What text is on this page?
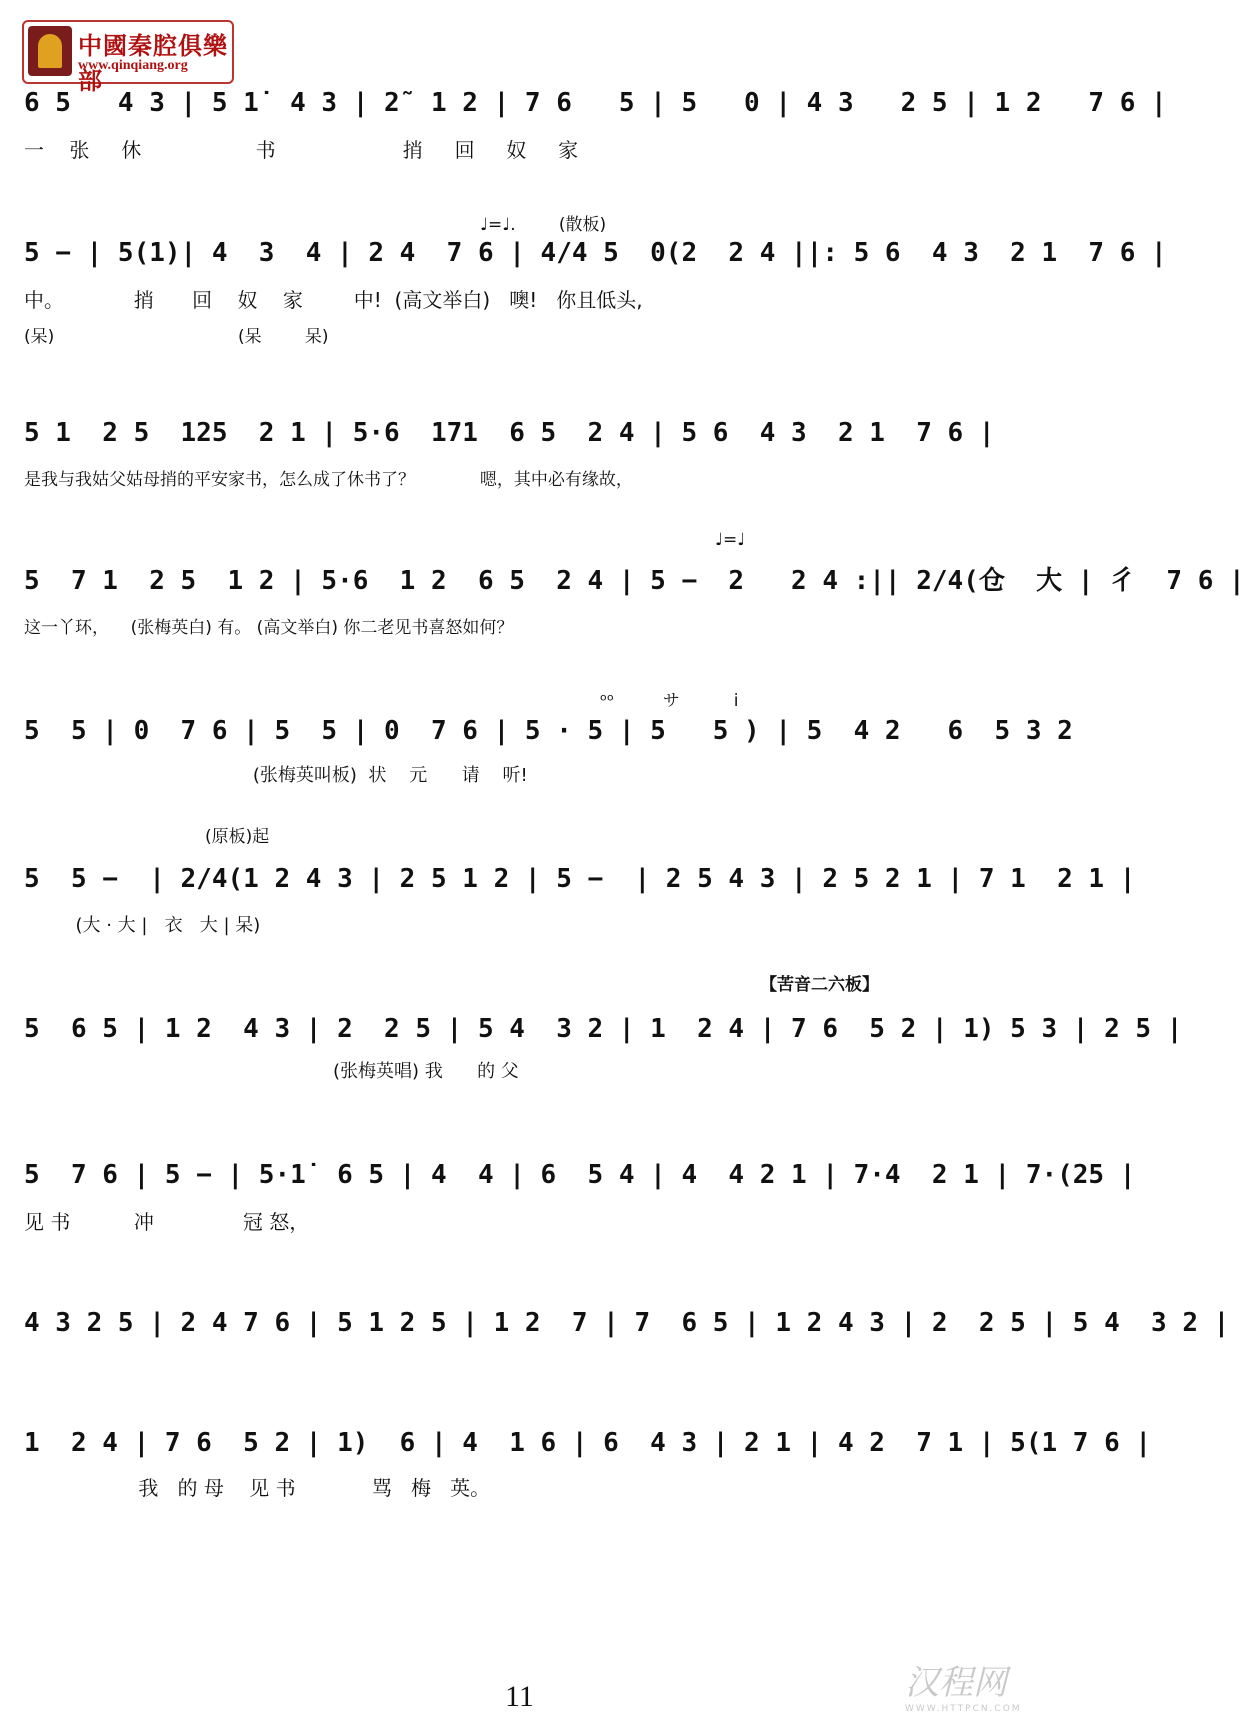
中國秦腔俱樂部
www.qinqiang.org
6 5   4 3 | 5 1̇  4 3 | 2̃  1 2 | 7 6   5 | 5   0 | 4 3   2 5 | 1 2   7 6 |
一    张     休                  书                    捎     回     奴     家
♩=♩.        (散板)
5 − | 5(1)| 4  3  4 | 2 4  7 6 | 4/4 5  0(2  2 4 ||: 5 6  4 3  2 1  7 6 |
中。           捎      回    奴    家        中!  (高文举白)   噢!   你且低头,
(呆)                                  (呆        呆)
5 1  2 5  125  2 1 | 5·6  171  6 5  2 4 | 5 6  4 3  2 1  7 6 |
是我与我姑父姑母捎的平安家书，怎么成了休书了？            嗯，其中必有缘故，
♩=♩
5  7 1  2 5  1 2 | 5·6  1 2  6 5  2 4 | 5 −  2   2 4 :|| 2/4(仓  大 | 彳  7 6 |
这一丫环，    (张梅英白) 有。 (高文举白) 你二老见书喜怒如何？
ᵒᵒ         サ          i
5  5 | 0  7 6 | 5  5 | 0  7 6 | 5 · 5 | 5   5 ) | 5  4 2   6  5 3 2
(张梅英叫板)  状    元      请    听!
(原板)起
5  5 −  | 2/4(1 2 4 3 | 2 5 1 2 | 5 −  | 2 5 4 3 | 2 5 2 1 | 7 1  2 1 |
(大 · 大 |   衣   大 | 呆)
【苦音二六板】
5  6 5 | 1 2  4 3 | 2  2 5 | 5 4  3 2 | 1  2 4 | 7 6  5 2 | 1) 5 3 | 2 5 |
(张梅英唱) 我      的 父
5  7 6 | 5 − | 5·1̇  6 5 | 4  4 | 6  5 4 | 4  4 2 1 | 7·4  2 1 | 7·(25 |
见 书          冲              冠 怒，
4 3 2 5 | 2 4 7 6 | 5 1 2 5 | 1 2  7 | 7  6 5 | 1 2 4 3 | 2  2 5 | 5 4  3 2 |
1  2 4 | 7 6  5 2 | 1)  6 | 4  1 6 | 6  4 3 | 2 1 | 4 2  7 1 | 5(1 7 6 |
我   的 母    见 书            骂   梅   英。
11	汉程网
WWW.HTTPCN.COM
